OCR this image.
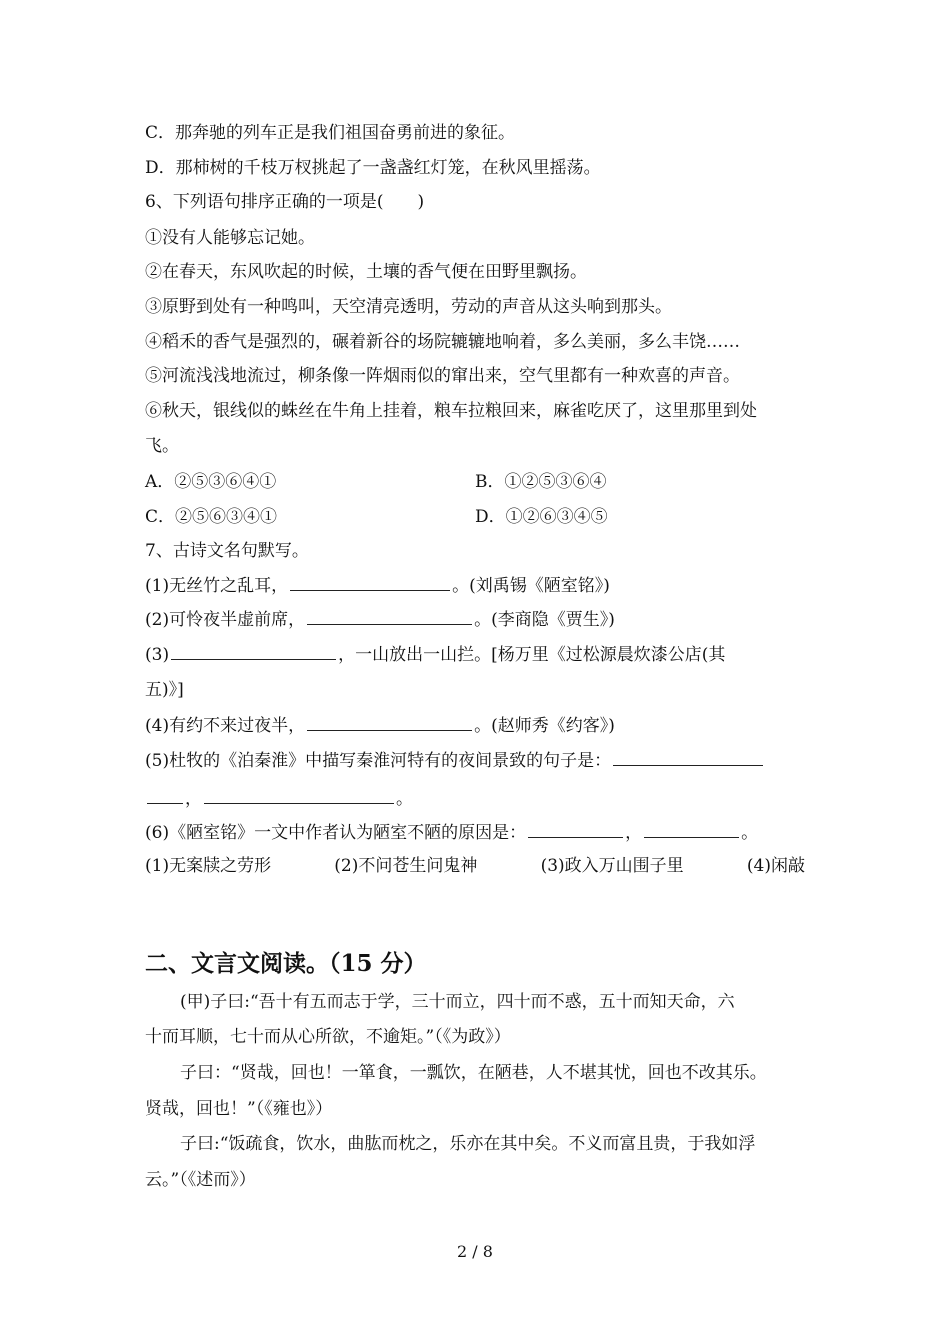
C．那奔驰的列车正是我们祖国奋勇前进的象征。
D．那柿树的千枝万杈挑起了一盏盏红灯笼，在秋风里摇荡。
6、下列语句排序正确的一项是(　　)
①没有人能够忘记她。
②在春天，东风吹起的时候，土壤的香气便在田野里飘扬。
③原野到处有一种鸣叫，天空清亮透明，劳动的声音从这头响到那头。
④稻禾的香气是强烈的，碾着新谷的场院辘辘地响着，多么美丽，多么丰饶……
⑤河流浅浅地流过，柳条像一阵烟雨似的窜出来，空气里都有一种欢喜的声音。
⑥秋天，银线似的蛛丝在牛角上挂着，粮车拉粮回来，麻雀吃厌了，这里那里到处
飞。
A．②⑤③⑥④①	B．①②⑤③⑥④
C．②⑤⑥③④①	D．①②⑥③④⑤
7、古诗文名句默写。
(1)无丝竹之乱耳，	。(刘禹锡《陋室铭》)
(2)可怜夜半虚前席，	。(李商隐《贾生》)
(3)	，一山放出一山拦。[杨万里《过松源晨炊漆公店(其
五)》]
(4)有约不来过夜半，	。(赵师秀《约客》)
(5)杜牧的《泊秦淮》中描写秦淮河特有的夜间景致的句子是：
，	。
(6)《陋室铭》一文中作者认为陋室不陋的原因是：	，	。
(1)无案牍之劳形	(2)不问苍生问鬼神	(3)政入万山围子里	(4)闲敲
二、文言文阅读。（15 分）
(甲)子曰:“吾十有五而志于学，三十而立，四十而不惑，五十而知天命，六
十而耳顺，七十而从心所欲，不逾矩。”（《为政》）
子曰：“贤哉，回也！一箪食，一瓢饮，在陋巷，人不堪其忧，回也不改其乐。
贤哉，回也！”（《雍也》）
子曰:“饭疏食，饮水，曲肱而枕之，乐亦在其中矣。不义而富且贵，于我如浮
云。”（《述而》）
2 / 8
